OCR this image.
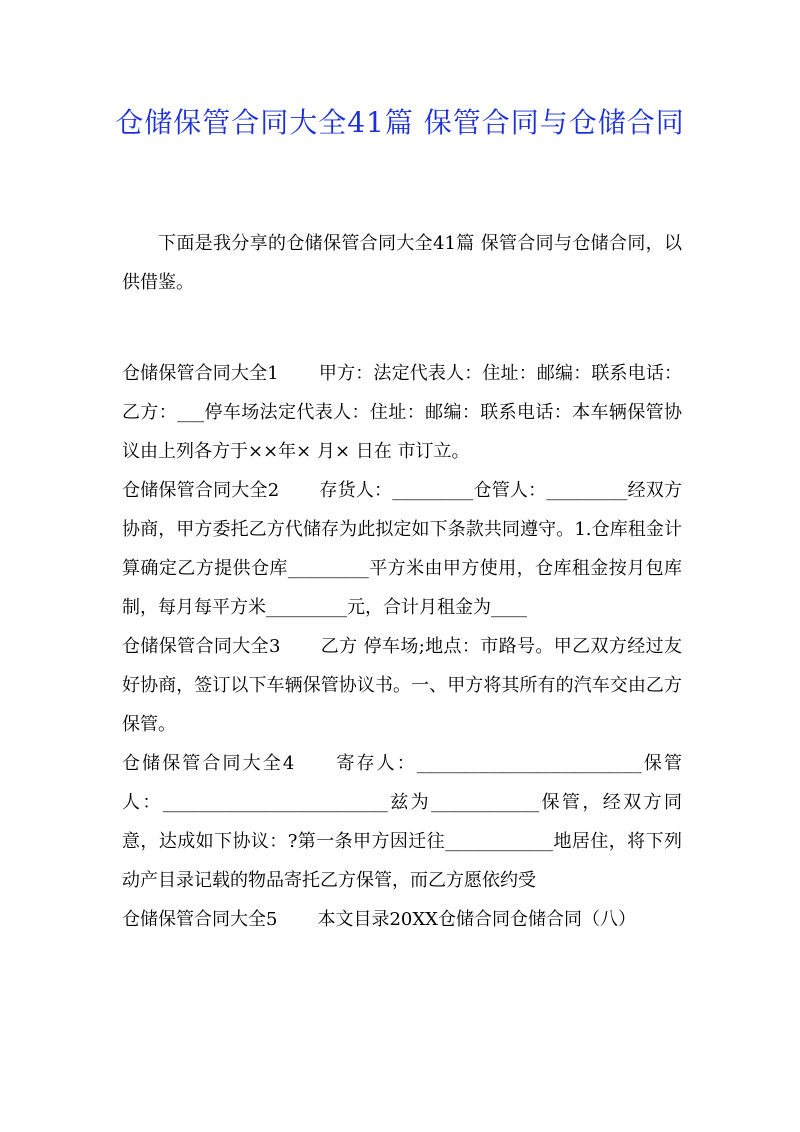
仓储保管合同大全41篇 保管合同与仓储合同

下面是我分享的仓储保管合同大全41篇 保管合同与仓储合同，以供借鉴。

仓储保管合同大全1 甲方：法定代表人：住址：邮编：联系电话：乙方：___停车场法定代表人：住址：邮编：联系电话：本车辆保管协议由上列各方于××年× 月× 日在 市订立。

仓储保管合同大全2 存货人：_________仓管人：_________经双方协商，甲方委托乙方代储存为此拟定如下条款共同遵守。1.仓库租金计算确定乙方提供仓库_________平方米由甲方使用，仓库租金按月包库制，每月每平方米_________元，合计月租金为____

仓储保管合同大全3 乙方 停车场;地点：市路号。甲乙双方经过友好协商，签订以下车辆保管协议书。一、甲方将其所有的汽车交由乙方保管。

仓储保管合同大全4 寄存人：_________________________保管人：_________________________兹为____________保管，经双方同意，达成如下协议：?第一条甲方因迁往____________地居住，将下列动产目录记载的物品寄托乙方保管，而乙方愿依约受

仓储保管合同大全5 本文目录20XX仓储合同仓储合同（八）
